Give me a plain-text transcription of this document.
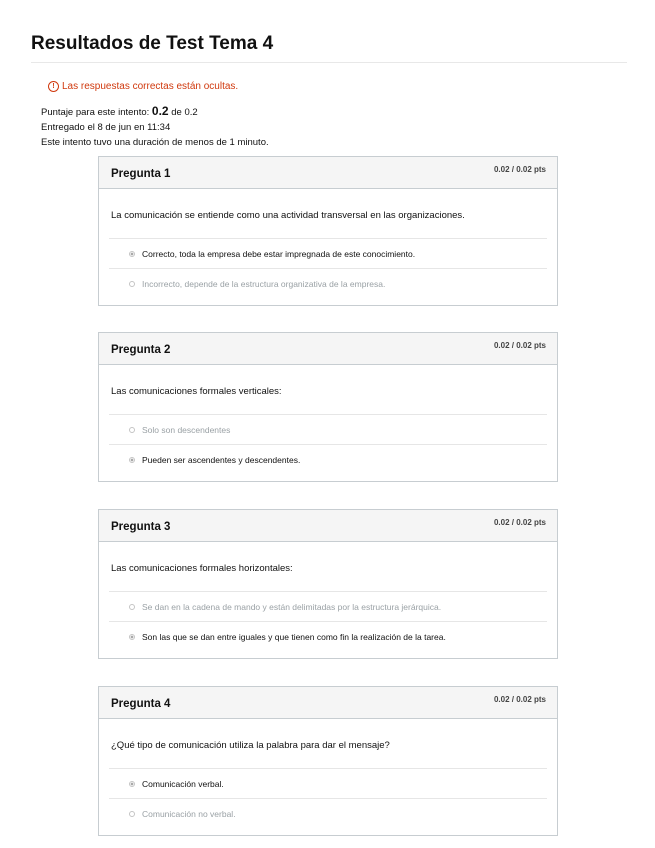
Resultados de Test Tema 4
! Las respuestas correctas están ocultas.
Puntaje para este intento: 0.2 de 0.2
Entregado el 8 de jun en 11:34
Este intento tuvo una duración de menos de 1 minuto.
Pregunta 1	0.02 / 0.02 pts
La comunicación se entiende como una actividad transversal en las organizaciones.
Correcto, toda la empresa debe estar impregnada de este conocimiento.
Incorrecto, depende de la estructura organizativa de la empresa.
Pregunta 2	0.02 / 0.02 pts
Las comunicaciones formales verticales:
Solo son descendentes
Pueden ser ascendentes y descendentes.
Pregunta 3	0.02 / 0.02 pts
Las comunicaciones formales horizontales:
Se dan en la cadena de mando y están delimitadas por la estructura jerárquica.
Son las que se dan entre iguales y que tienen como fin la realización de la tarea.
Pregunta 4	0.02 / 0.02 pts
¿Qué tipo de comunicación utiliza la palabra para dar el mensaje?
Comunicación verbal.
Comunicación no verbal.
